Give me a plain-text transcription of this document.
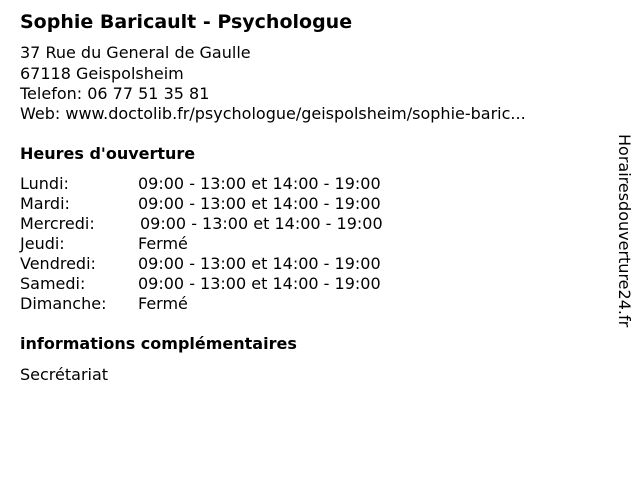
Sophie Baricault - Psychologue
37 Rue du General de Gaulle
67118 Geispolsheim
Telefon: 06 77 51 35 81
Web: www.doctolib.fr/psychologue/geispolsheim/sophie-baric...
Heures d'ouverture
Lundi:	09:00 - 13:00 et 14:00 - 19:00
Mardi:	09:00 - 13:00 et 14:00 - 19:00
Mercredi:	09:00 - 13:00 et 14:00 - 19:00
Jeudi:	Fermé
Vendredi:	09:00 - 13:00 et 14:00 - 19:00
Samedi:	09:00 - 13:00 et 14:00 - 19:00
Dimanche: Fermé
informations complémentaires
Secrétariat
Horairesdouverture24.fr
